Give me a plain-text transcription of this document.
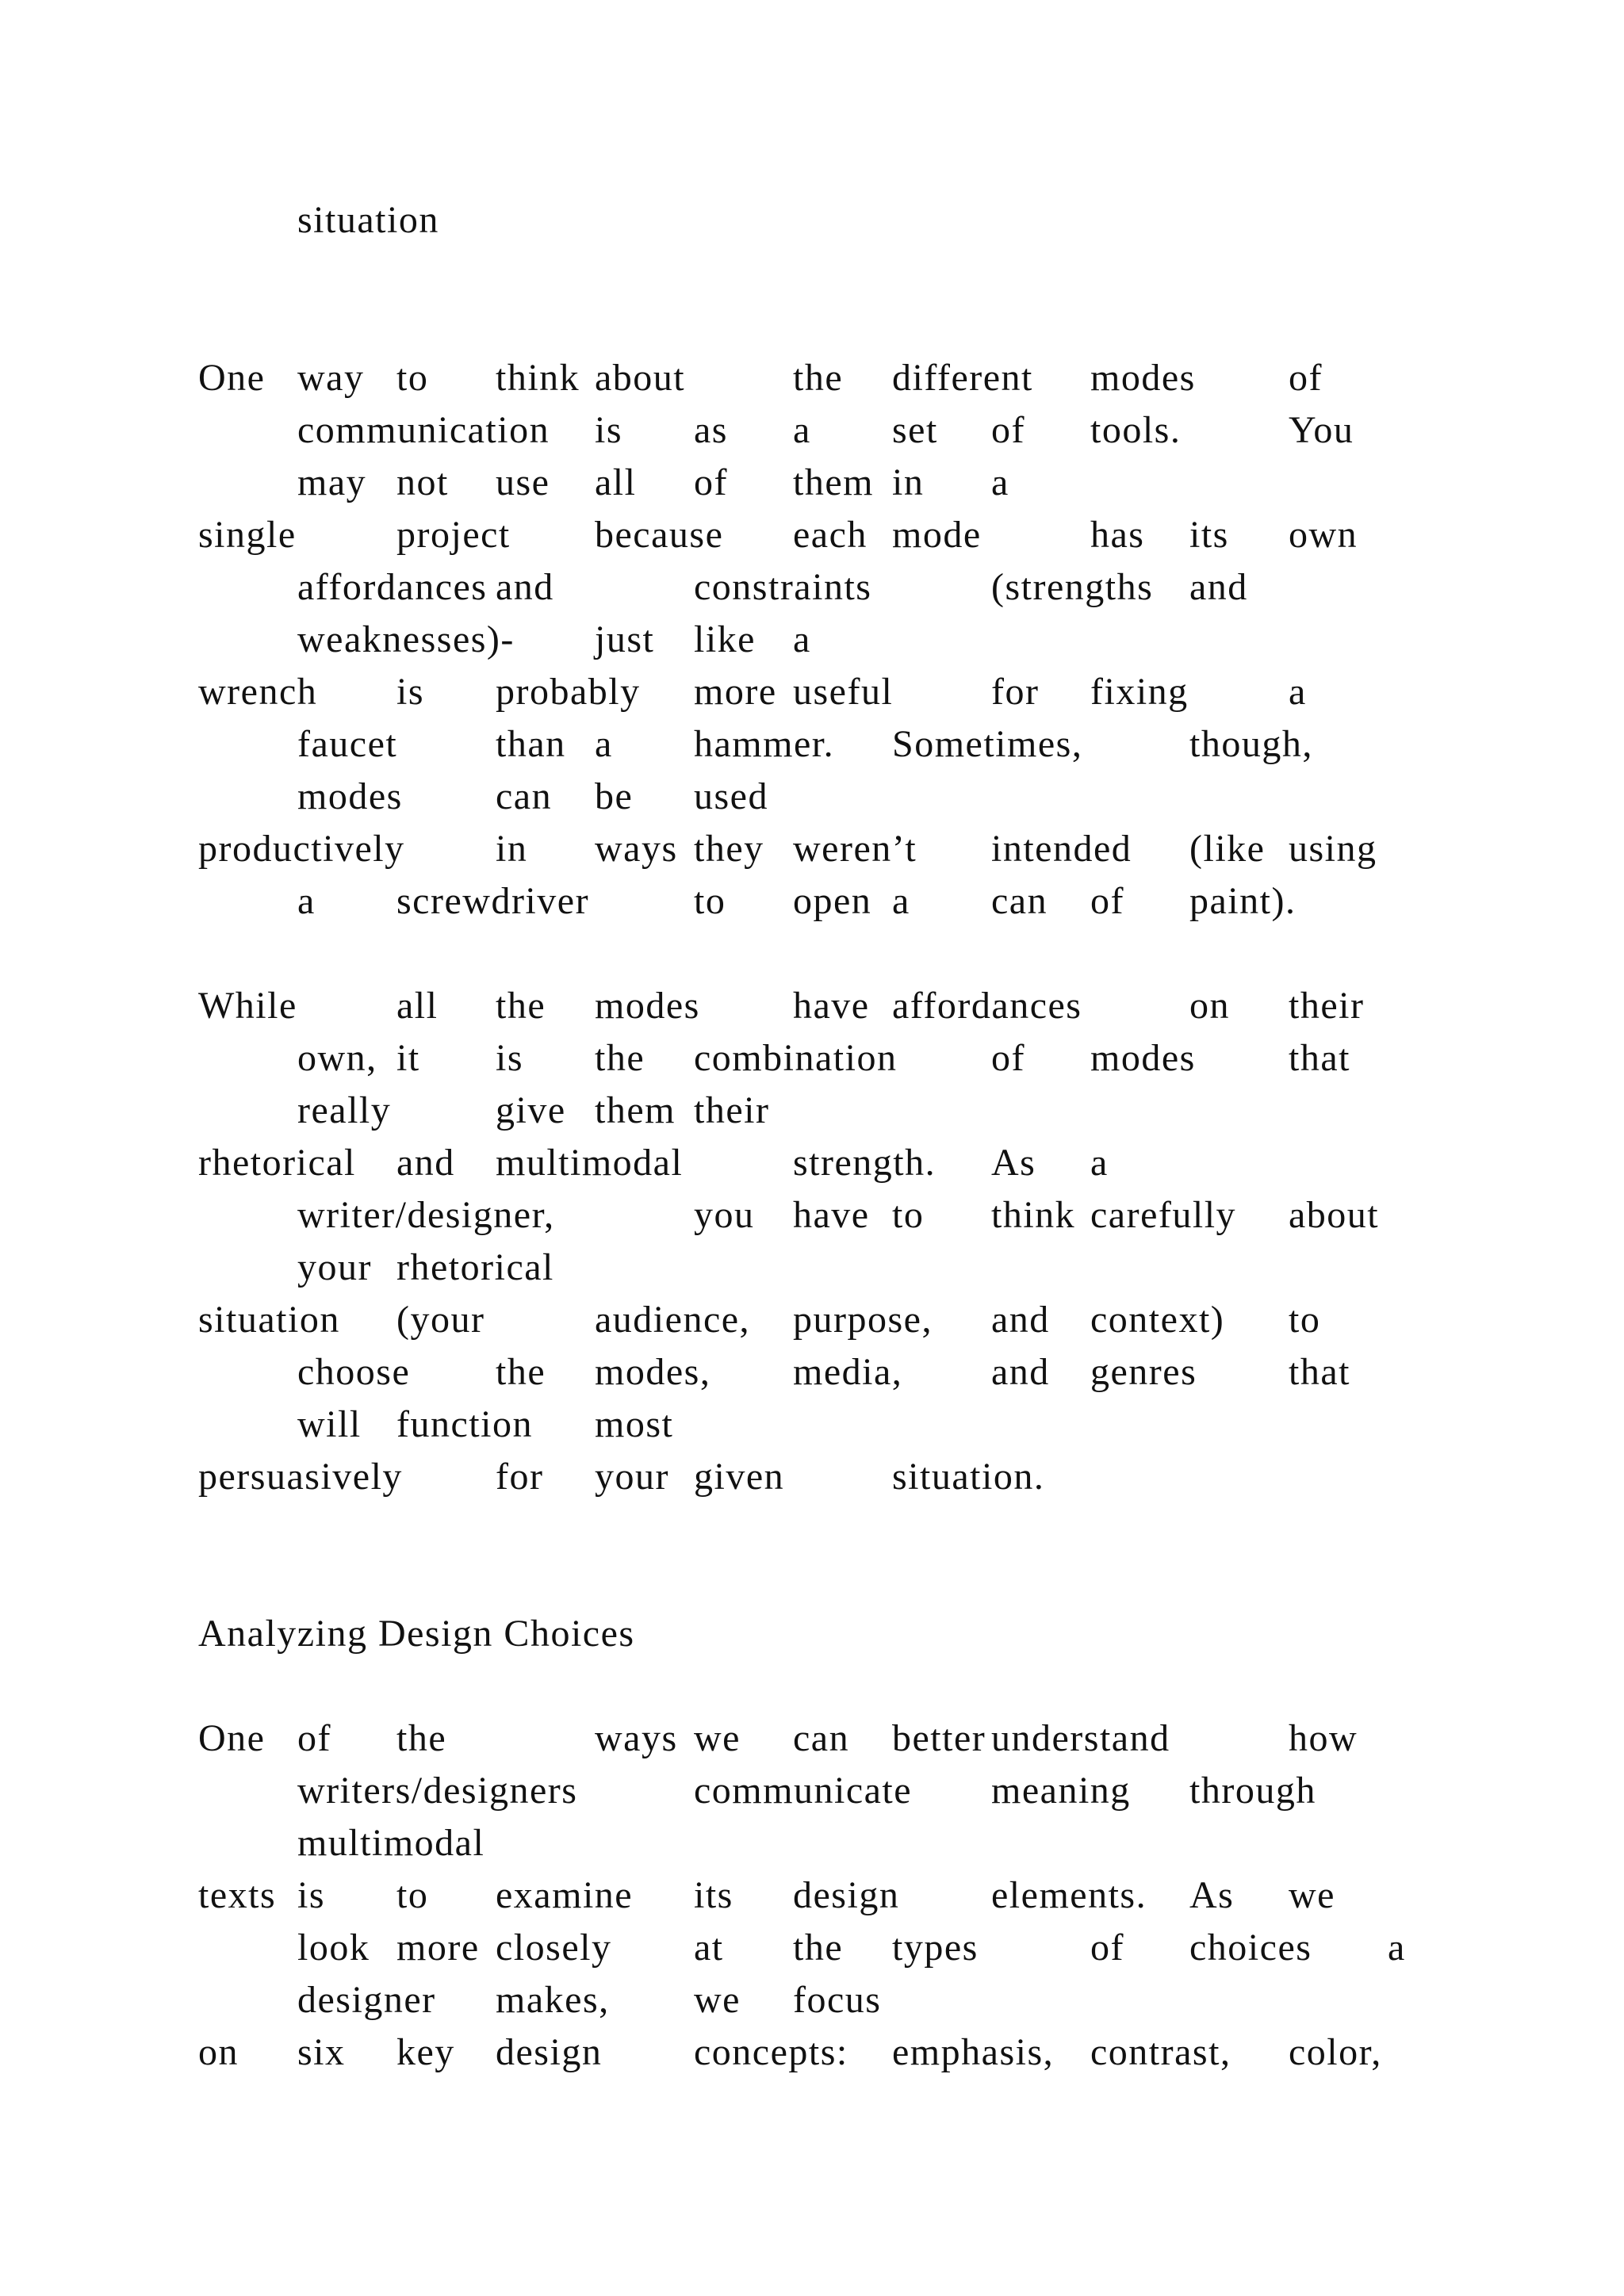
situation
One way to think about	the different modes of
communication is as a set of tools.	You
may not use all of them in a
single	project because each mode	has its own
affordances and	constraints	(strengths and
weaknesses)- just like a
wrench is probably more useful	for fixing	a
faucet	than a hammer. Sometimes,	though,
modes can be used
productively in ways they weren’t intended (like using
a screwdriver	to open a can of paint).
While	all the modes have affordances	on their
own, it is the combination of modes that
really	give them their
rhetorical and multimodal	strength. As a
writer/designer,	you have to think carefully about
your rhetorical
situation (your	audience, purpose, and context) to
choose the modes, media, and genres that
will function most
persuasively for your given	situation.
Analyzing Design Choices
One of the	ways we can better understand	how
writers/designers	communicate meaning through
multimodal
texts is to examine its design elements. As we
look more closely at the types	of choices a
designer makes, we focus
on six key design concepts: emphasis, contrast, color,
